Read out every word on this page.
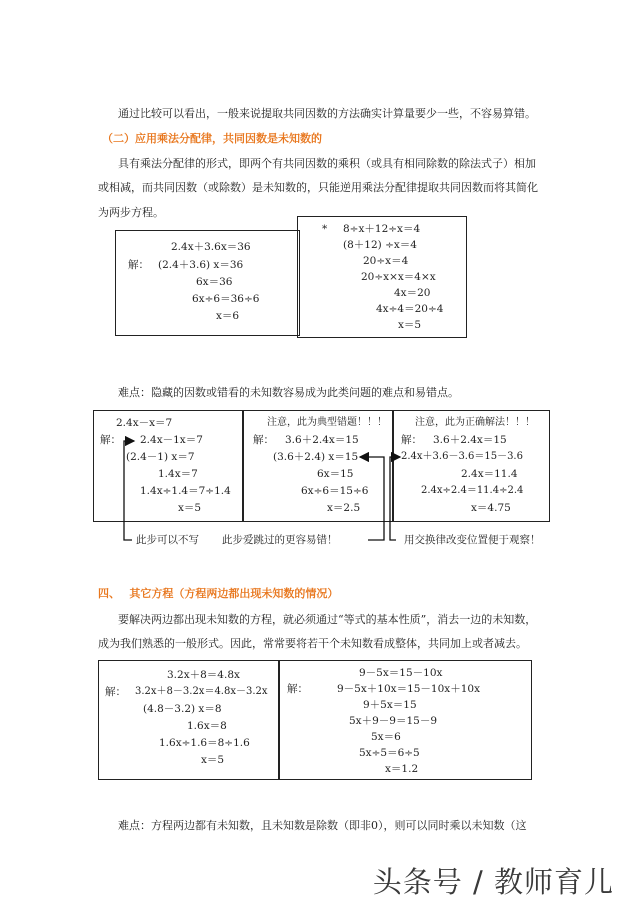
通过比较可以看出，一般来说提取共同因数的方法确实计算量要少一些，不容易算错。
（二）应用乘法分配律，共同因数是未知数的
具有乘法分配律的形式，即两个有共同因数的乘积（或具有相同除数的除法式子）相加
或相减，而共同因数（或除数）是未知数的，只能逆用乘法分配律提取共同因数而将其简化
为两步方程。
2.4x＋3.6x＝36
解： (2.4＋3.6) x＝36
6x＝36
6x÷6＝36÷6
x＝6
* 8÷x＋12÷x＝4
(8＋12) ÷x＝4
20÷x＝4
20÷x×x＝4×x
4x＝20
4x÷4＝20÷4
x＝5
难点：隐藏的因数或错看的未知数容易成为此类问题的难点和易错点。
2.4x－x＝7
解： 2.4x－1x＝7
(2.4－1) x＝7
1.4x＝7
1.4x÷1.4＝7÷1.4
x＝5
注意，此为典型错题！！！
解： 3.6＋2.4x＝15
(3.6＋2.4) x＝15
6x＝15
6x÷6＝15÷6
x＝2.5
注意，此为正确解法！！！
解： 3.6＋2.4x＝15
2.4x＋3.6－3.6＝15－3.6
2.4x＝11.4
2.4x÷2.4＝11.4÷2.4
x＝4.75
此步可以不写 此步爱跳过的更容易错！	用交换律改变位置便于观察！
四、　 其它方程（方程两边都出现未知数的情况）
要解决两边都出现未知数的方程，就必须通过“等式的基本性质”，消去一边的未知数，
成为我们熟悉的一般形式。因此，常常要将若干个未知数看成整体，共同加上或者减去。
3.2x＋8＝4.8x
解： 3.2x＋8－3.2x＝4.8x－3.2x
(4.8－3.2) x＝8
1.6x＝8
1.6x÷1.6＝8÷1.6
x＝5
9－5x＝15－10x
解：	9－5x＋10x＝15－10x＋10x
9＋5x＝15
5x＋9－9＝15－9
5x＝6
5x÷5＝6÷5
x＝1.2
难点：方程两边都有未知数，且未知数是除数（即非0），则可以同时乘以未知数（这
头条号 / 教师育儿
